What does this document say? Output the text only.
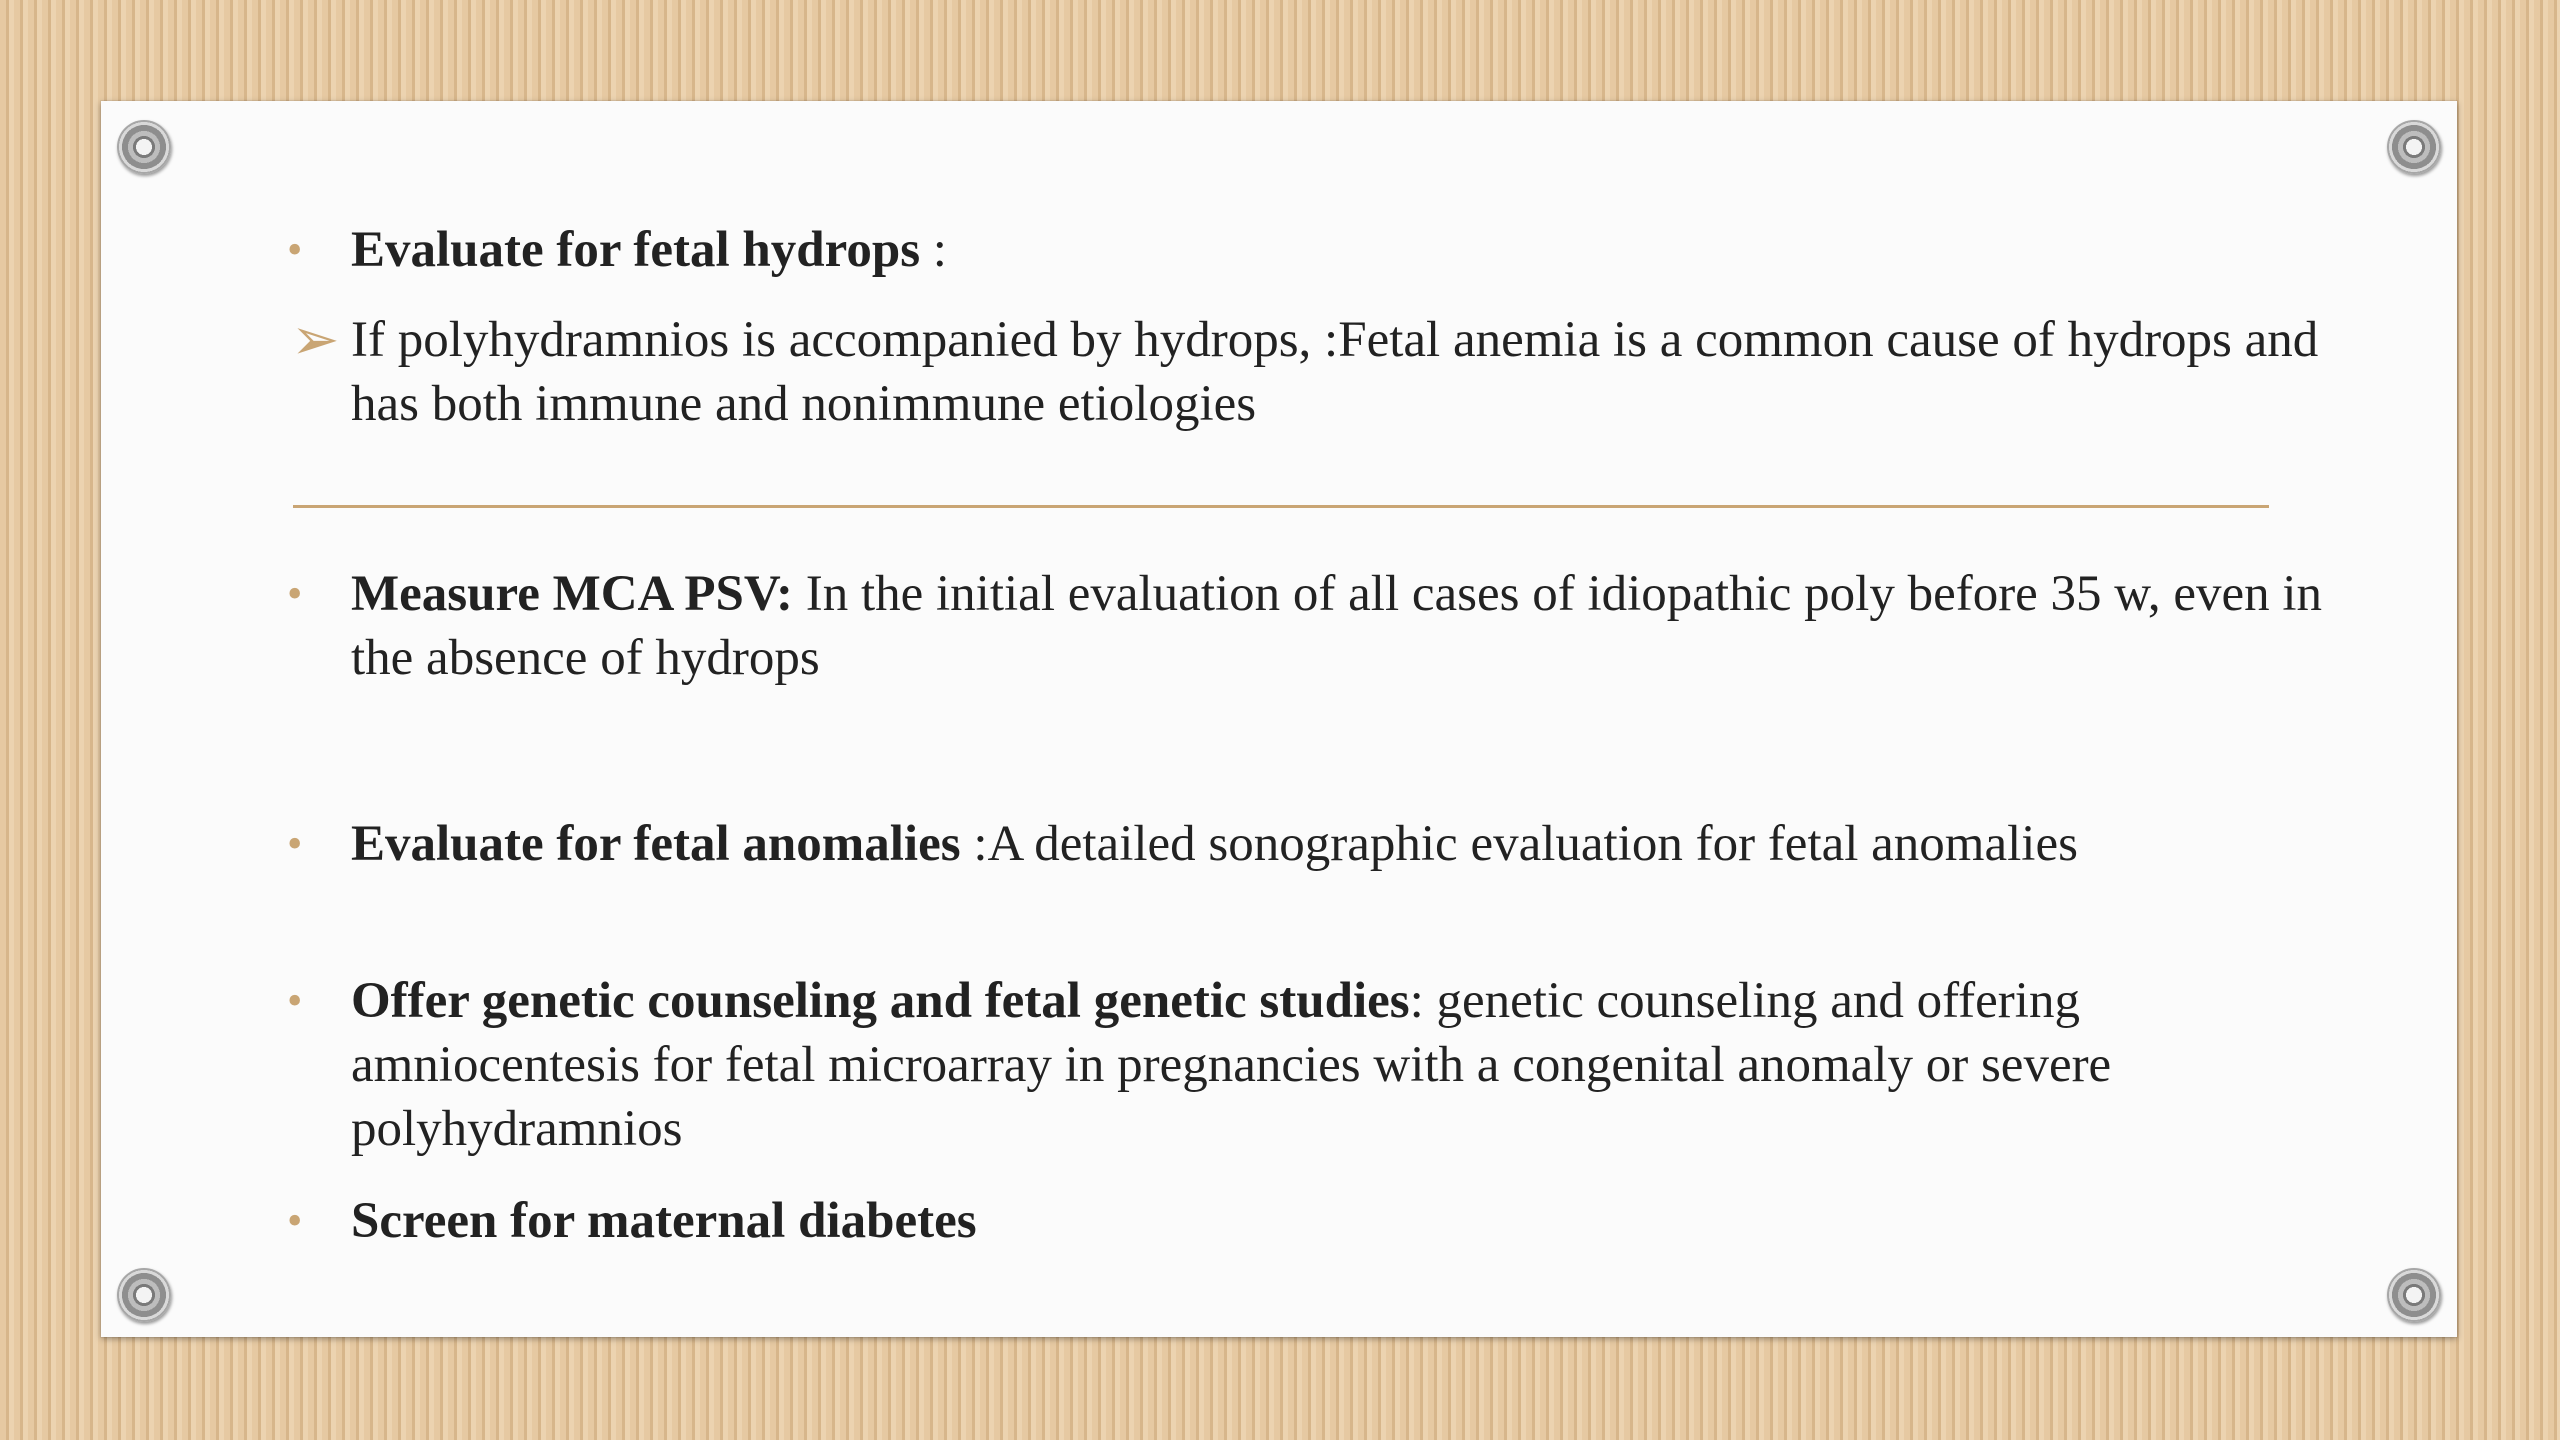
• Evaluate for fetal hydrops :
➢ If polyhydramnios is accompanied by hydrops, :Fetal anemia is a common cause of hydrops and has both immune and nonimmune etiologies
• Measure MCA PSV: In the initial evaluation of all cases of idiopathic poly before 35 w, even in the absence of hydrops
• Evaluate for fetal anomalies :A detailed sonographic evaluation for fetal anomalies
• Offer genetic counseling and fetal genetic studies: genetic counseling and offering amniocentesis for fetal microarray in pregnancies with a congenital anomaly or severe polyhydramnios
• Screen for maternal diabetes
